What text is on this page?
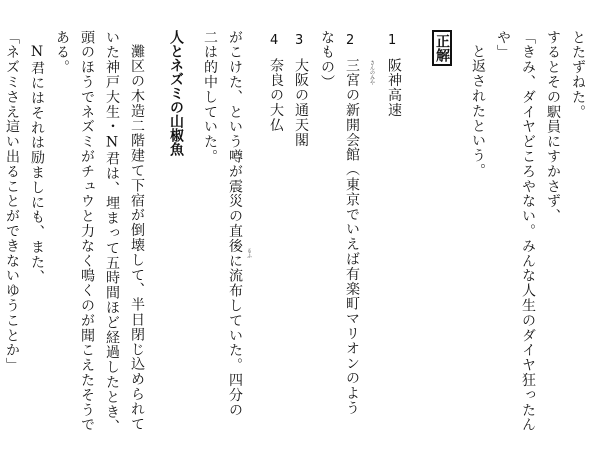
とたずねた。
するとその駅員にすかさず、
「きみ、ダイヤどころやない。みんな人生のダイヤ狂ったん
や」
と返されたという。
正解
1
阪神高速
2
さんのみや
三宮の新開会館（東京でいえば有楽町マリオンのよう
なもの）
3
大阪の通天閣
4
奈良の大仏
がこけた、という噂が震災の直後に流布していた。四分の るふ
二は的中していた。
人とネズミの山椒魚
灘区の木造二階建て下宿が倒壊して、半日閉じ込められて
いた神戸大生・N君は、埋まって五時間ほど経過したとき、
頭のほうでネズミがチュウと力なく鳴くのが聞こえたそうで
ある。
N君にはそれは励ましにも、また、
「ネズミさえ這い出ることができないゆうことか」
